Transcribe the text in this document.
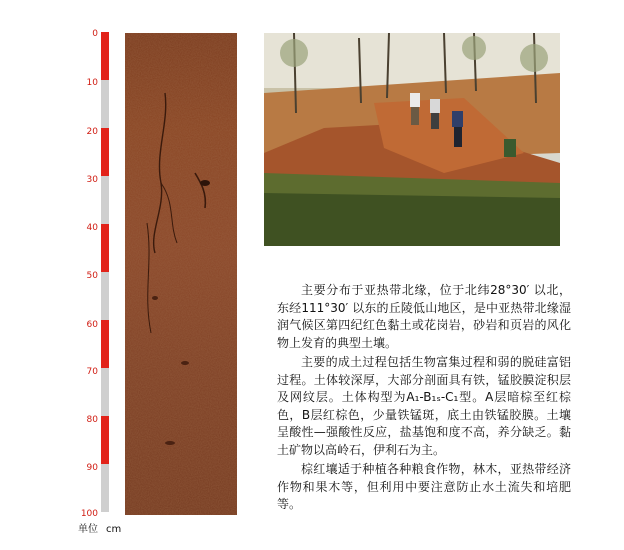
0
10
20
30
40
50
60
70
80
90
100
单位 cm

主要分布于亚热带北缘，位于北纬28°30′ 以北，东经111°30′ 以东的丘陵低山地区，是中亚热带北缘湿润气候区第四纪红色黏土或花岗岩，砂岩和页岩的风化物上发育的典型土壤。

主要的成土过程包括生物富集过程和弱的脱硅富铝过程。土体较深厚，大部分剖面具有铁，锰胶膜淀积层及网纹层。土体构型为A₁-B₁ₛ-C₁型。A层暗棕至红棕色，B层红棕色，少量铁锰斑，底土由铁锰胶膜。土壤呈酸性—强酸性反应，盐基饱和度不高，养分缺乏。黏土矿物以高岭石，伊利石为主。

棕红壤适于种植各种粮食作物，林木，亚热带经济作物和果木等，但利用中要注意防止水土流失和培肥等。
